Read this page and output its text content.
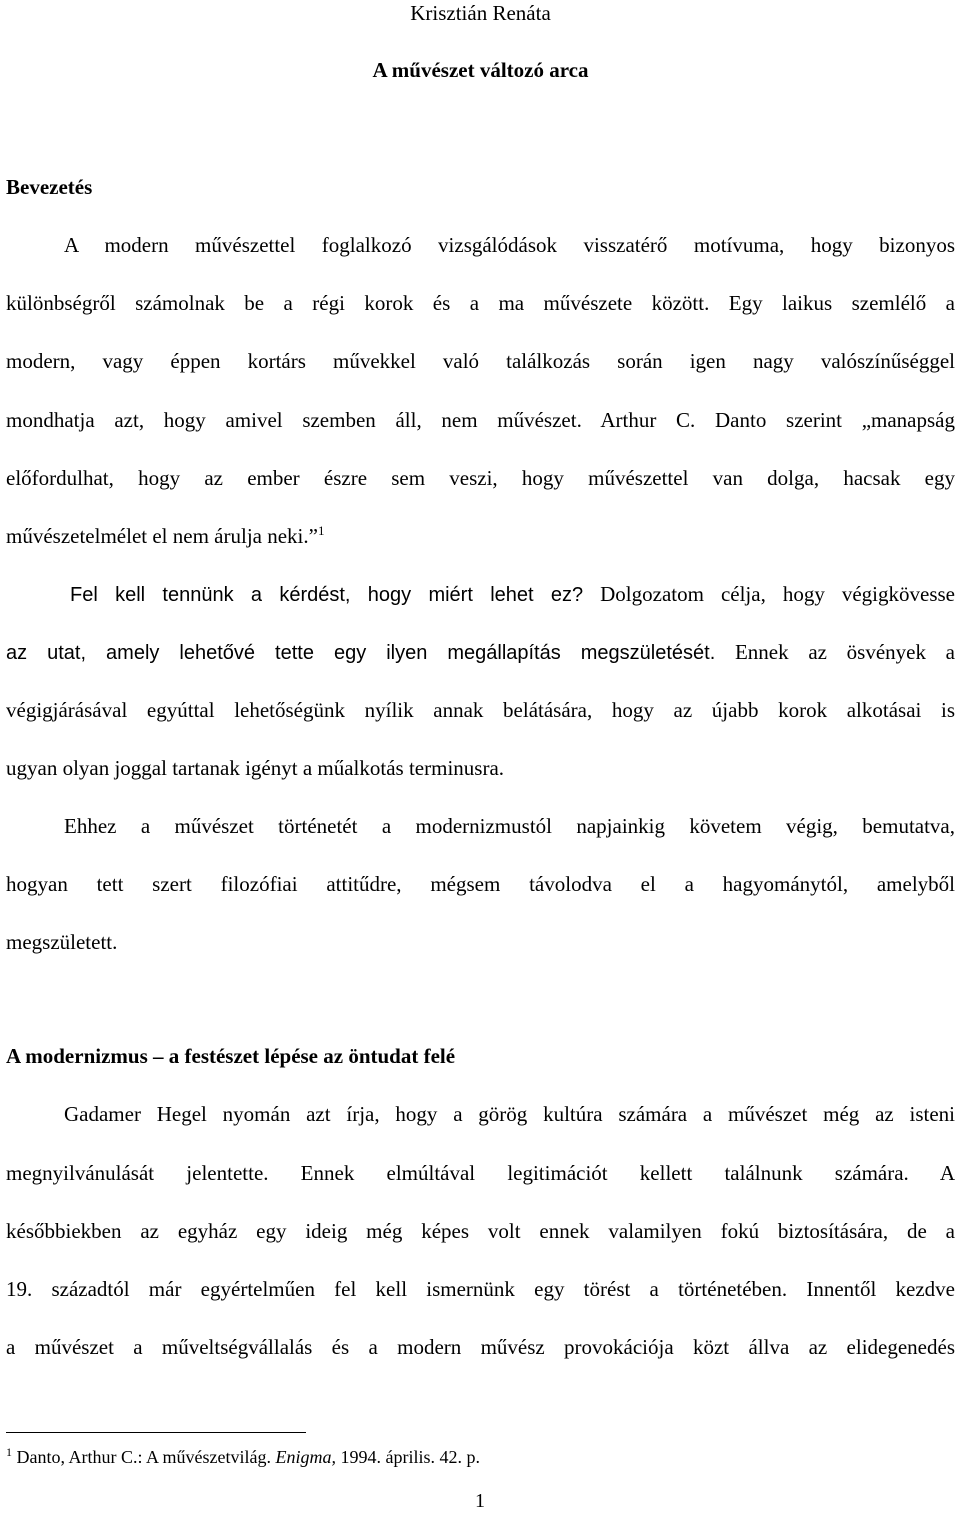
Krisztián Renáta
A művészet változó arca
Bevezetés
A modern művészettel foglalkozó vizsgálódások visszatérő motívuma, hogy bizonyos
különbségről számolnak be a régi korok és a ma művészete között. Egy laikus szemlélő a
modern, vagy éppen kortárs művekkel való találkozás során igen nagy valószínűséggel
mondhatja azt, hogy amivel szemben áll, nem művészet. Arthur C. Danto szerint „manapság
előfordulhat, hogy az ember észre sem veszi, hogy művészettel van dolga, hacsak egy
művészetelmélet el nem árulja neki.”$^1$
Fel kell tennünk a kérdést, hogy miért lehet ez? Dolgozatom célja, hogy végigkövesse
az utat, amely lehetővé tette egy ilyen megállapítás megszületését. Ennek az ösvények a
végigjárásával egyúttal lehetőségünk nyílik annak belátására, hogy az újabb korok alkotásai is
ugyan olyan joggal tartanak igényt a műalkotás terminusra.
Ehhez a művészet történetét a modernizmustól napjainkig követem végig, bemutatva,
hogyan tett szert filozófiai attitűdre, mégsem távolodva el a hagyománytól, amelyből
megszületett.
A modernizmus – a festészet lépése az öntudat felé
Gadamer Hegel nyomán azt írja, hogy a görög kultúra számára a művészet még az isteni
megnyilvánulását jelentette. Ennek elmúltával legitimációt kellett találnunk számára. A
későbbiekben az egyház egy ideig még képes volt ennek valamilyen fokú biztosítására, de a
19. századtól már egyértelműen fel kell ismernünk egy törést a történetében. Innentől kezdve
a művészet a műveltségvállalás és a modern művész provokációja közt állva az elidegenedés
$^1$ Danto, Arthur C.: A művészetvilág. Enigma, 1994. április. 42. p.
1
